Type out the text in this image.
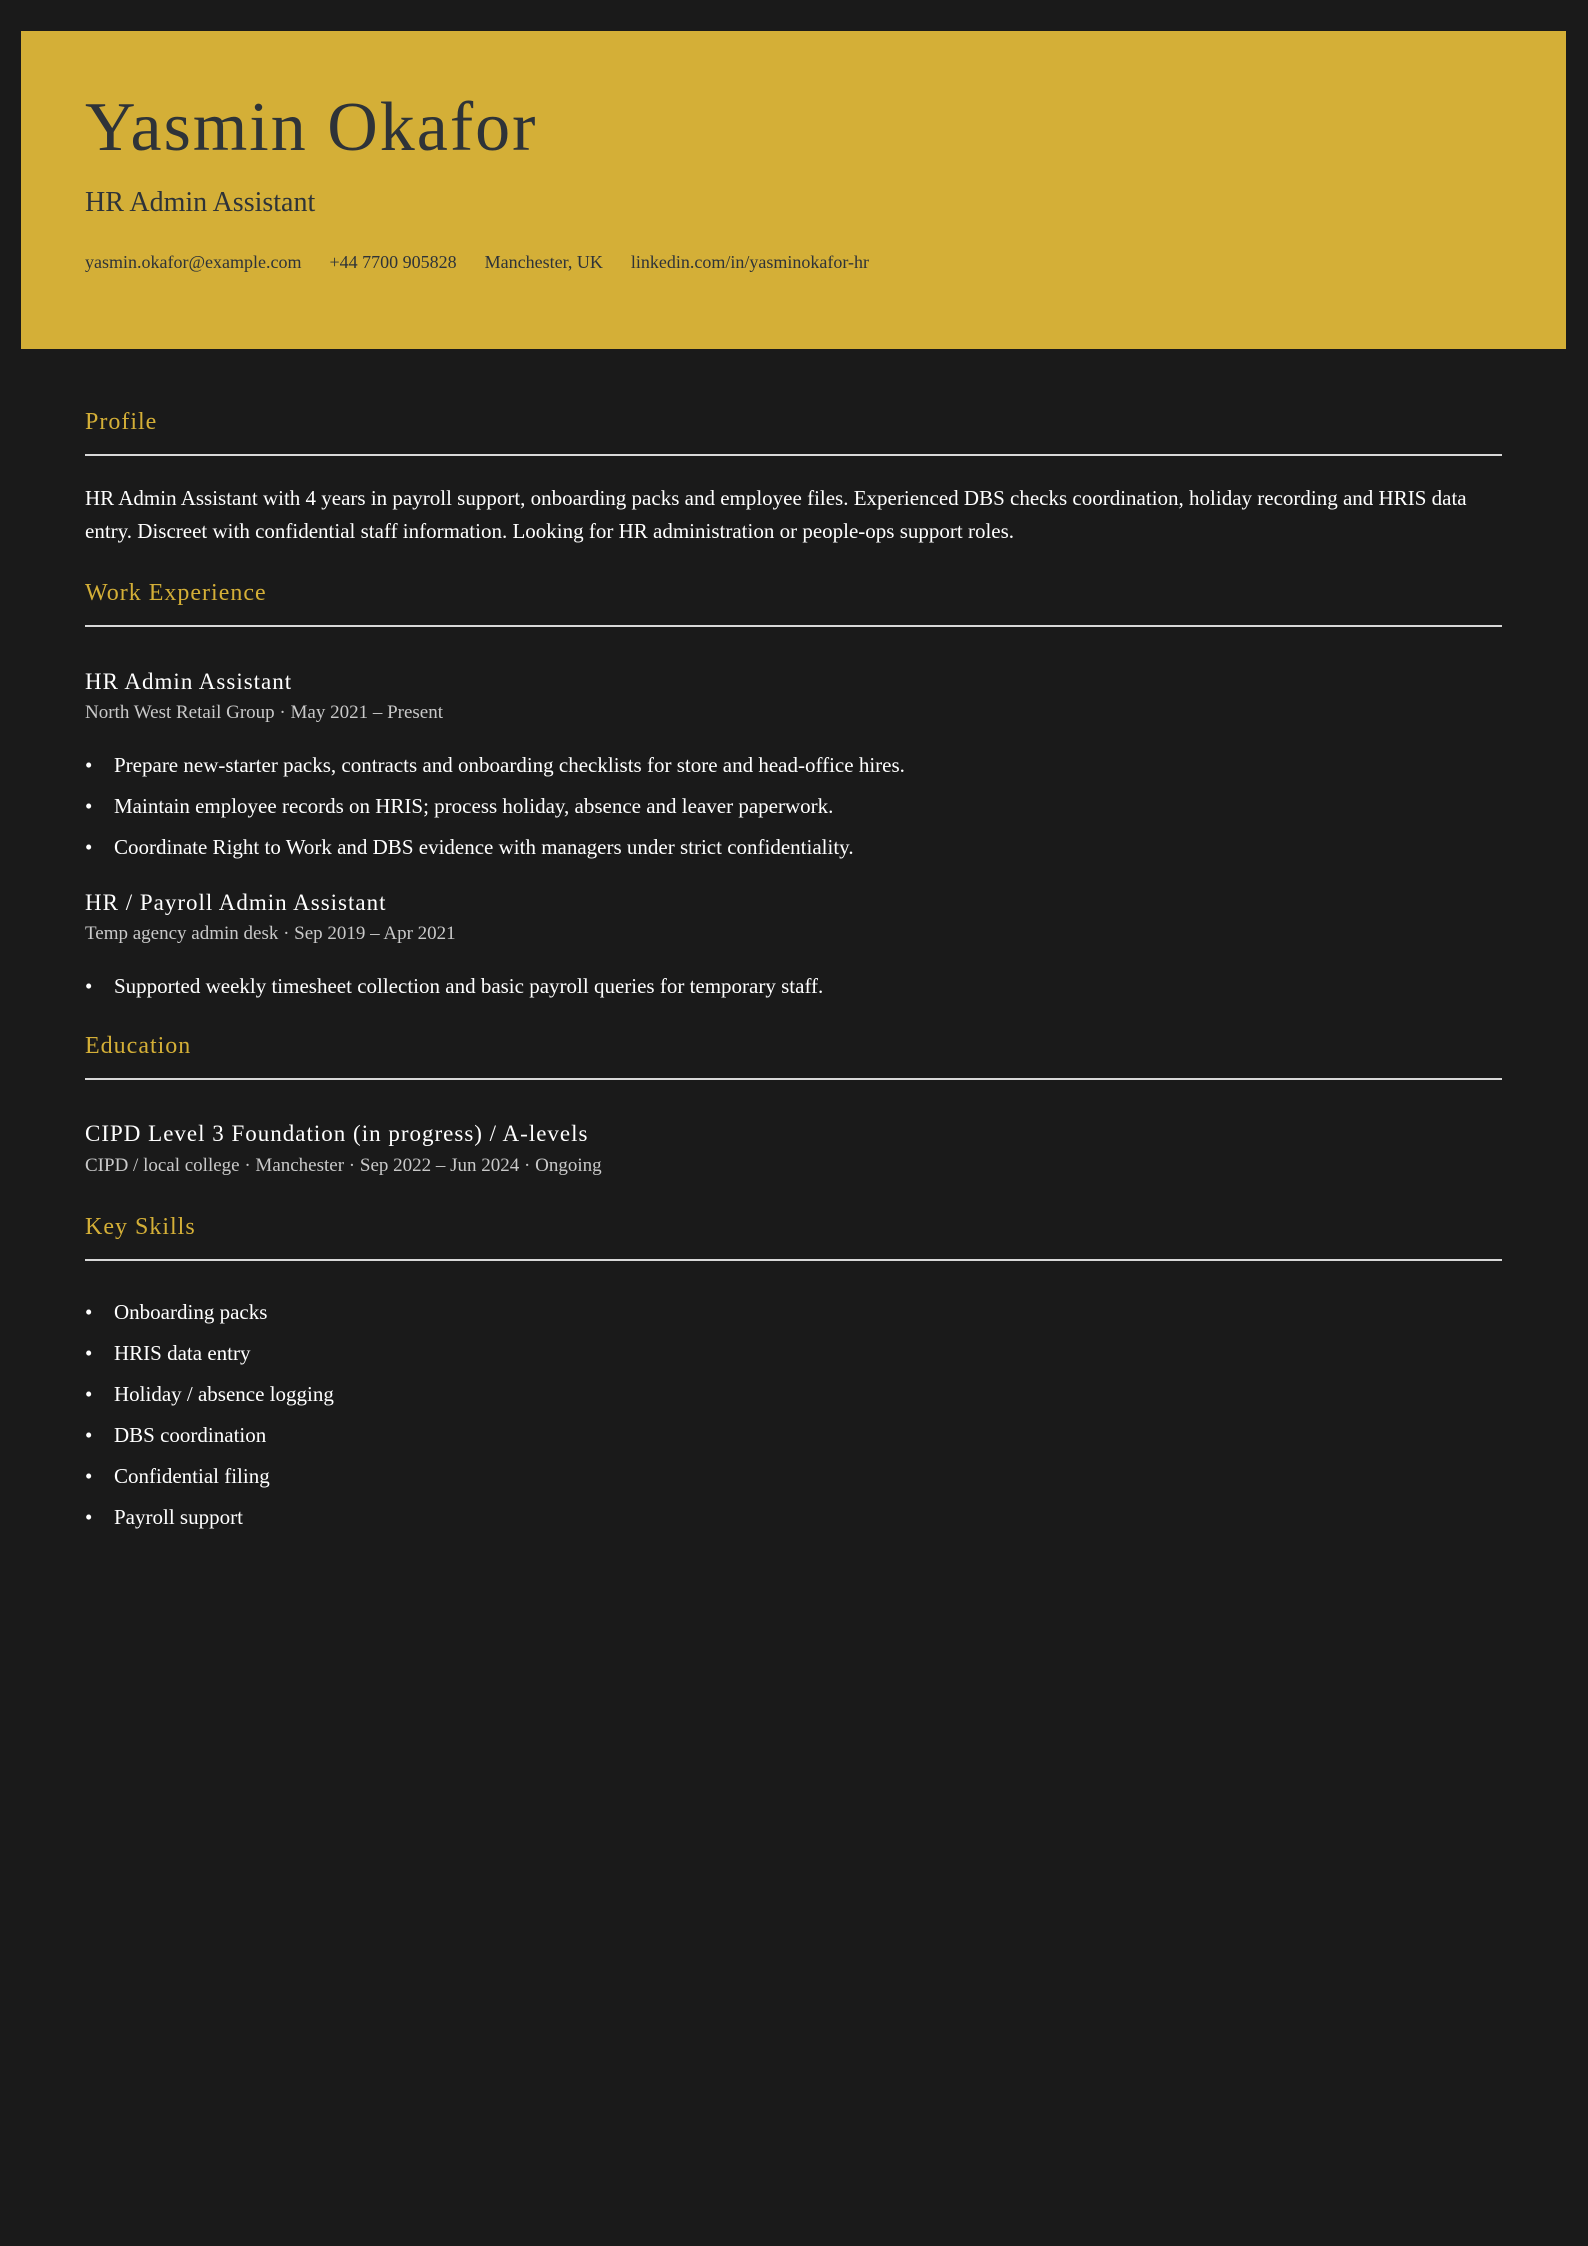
Yasmin Okafor
HR Admin Assistant
yasmin.okafor@example.com +44 7700 905828 Manchester, UK linkedin.com/in/yasminokafor-hr
Profile
HR Admin Assistant with 4 years in payroll support, onboarding packs and employee files. Experienced DBS checks coordination, holiday recording and HRIS data entry. Discreet with confidential staff information. Looking for HR administration or people-ops support roles.
Work Experience
HR Admin Assistant
North West Retail Group · May 2021 – Present
• Prepare new-starter packs, contracts and onboarding checklists for store and head-office hires.
• Maintain employee records on HRIS; process holiday, absence and leaver paperwork.
• Coordinate Right to Work and DBS evidence with managers under strict confidentiality.
HR / Payroll Admin Assistant
Temp agency admin desk · Sep 2019 – Apr 2021
• Supported weekly timesheet collection and basic payroll queries for temporary staff.
Education
CIPD Level 3 Foundation (in progress) / A-levels
CIPD / local college · Manchester · Sep 2022 – Jun 2024 · Ongoing
Key Skills
• Onboarding packs
• HRIS data entry
• Holiday / absence logging
• DBS coordination
• Confidential filing
• Payroll support
